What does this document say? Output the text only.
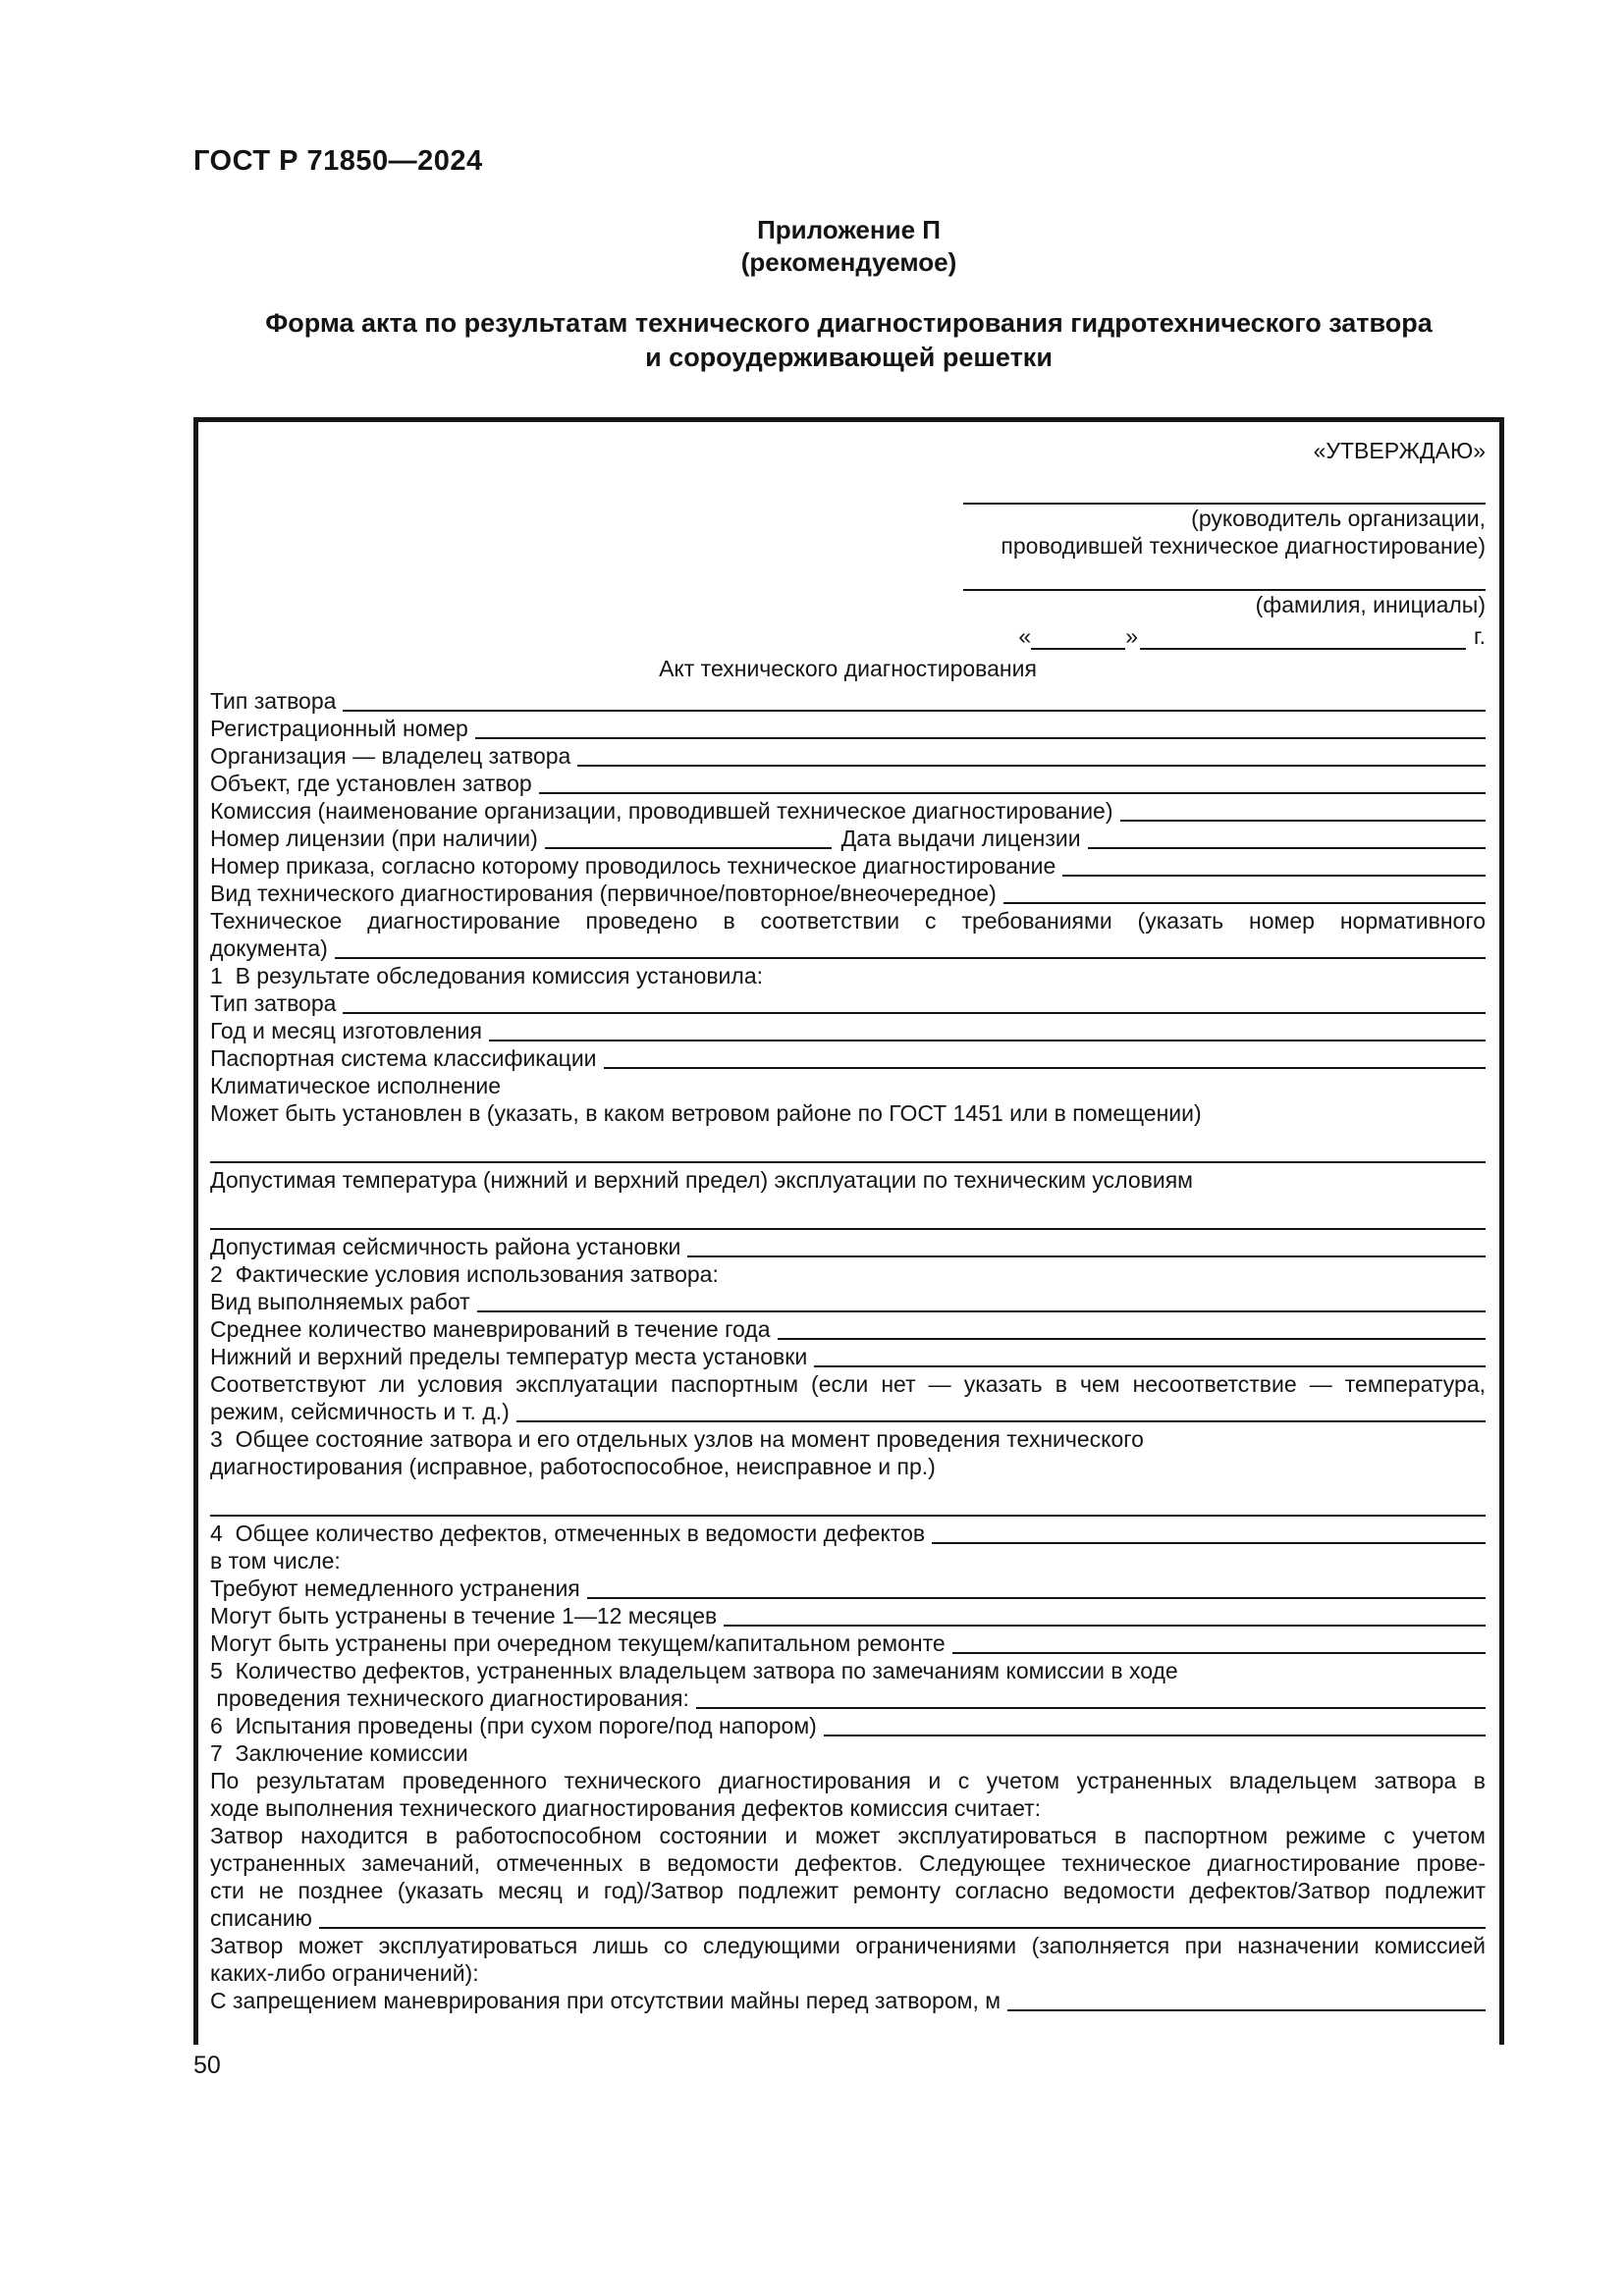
ГОСТ Р 71850—2024
Приложение П
(рекомендуемое)
Форма акта по результатам технического диагностирования гидротехнического затвора
и сороудерживающей решетки
«УТВЕРЖДАЮ»
(руководитель организации,
проводившей техническое диагностирование)
(фамилия, инициалы)
«	»	г.
Акт технического диагностирования
Тип затвора
Регистрационный номер
Организация — владелец затвора
Объект, где установлен затвор
Комиссия (наименование организации, проводившей техническое диагностирование)
Номер лицензии (при наличии)	Дата выдачи лицензии
Номер приказа, согласно которому проводилось техническое диагностирование
Вид технического диагностирования (первичное/повторное/внеочередное)
Техническое диагностирование проведено в соответствии с требованиями (указать номер нормативного
документа)
1  В результате обследования комиссия установила:
Тип затвора
Год и месяц изготовления
Паспортная система классификации
Климатическое исполнение
Может быть установлен в (указать, в каком ветровом районе по ГОСТ 1451 или в помещении)
Допустимая температура (нижний и верхний предел) эксплуатации по техническим условиям
Допустимая сейсмичность района установки
2  Фактические условия использования затвора:
Вид выполняемых работ
Среднее количество маневрирований в течение года
Нижний и верхний пределы температур места установки
Соответствуют ли условия эксплуатации паспортным (если нет — указать в чем несоответствие — температура,
режим, сейсмичность и т. д.)
3  Общее состояние затвора и его отдельных узлов на момент проведения технического
диагностирования (исправное, работоспособное, неисправное и пр.)
4  Общее количество дефектов, отмеченных в ведомости дефектов
в том числе:
Требуют немедленного устранения
Могут быть устранены в течение 1—12 месяцев
Могут быть устранены при очередном текущем/капитальном ремонте
5  Количество дефектов, устраненных владельцем затвора по замечаниям комиссии в ходе
проведения технического диагностирования:
6  Испытания проведены (при сухом пороге/под напором)
7  Заключение комиссии
По результатам проведенного технического диагностирования и с учетом устраненных владельцем затвора в
ходе выполнения технического диагностирования дефектов комиссия считает:
Затвор находится в работоспособном состоянии и может эксплуатироваться в паспортном режиме с учетом
устраненных замечаний, отмеченных в ведомости дефектов. Следующее техническое диагностирование прове-
сти не позднее (указать месяц и год)/Затвор подлежит ремонту согласно ведомости дефектов/Затвор подлежит
списанию
Затвор может эксплуатироваться лишь со следующими ограничениями (заполняется при назначении комиссией
каких-либо ограничений):
С запрещением маневрирования при отсутствии майны перед затвором, м
50
